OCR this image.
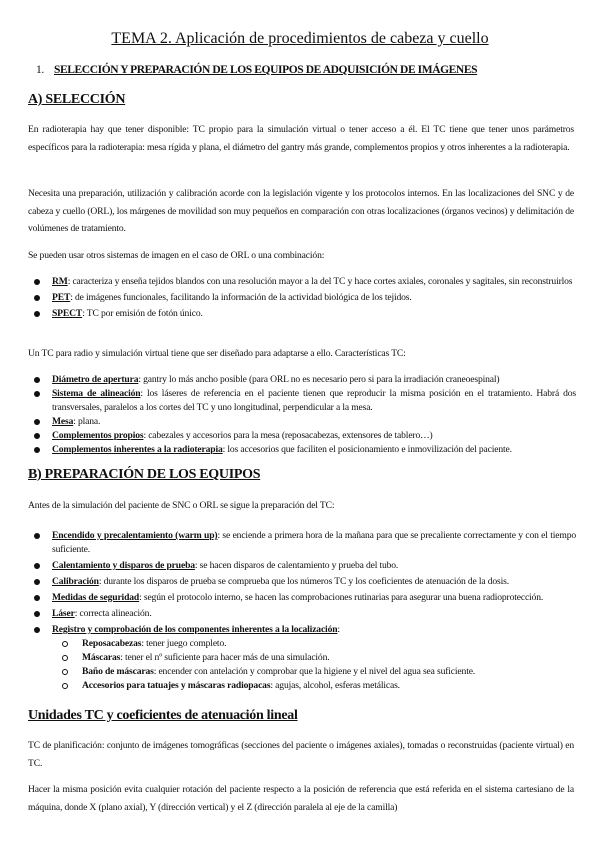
TEMA 2. Aplicación de procedimientos de cabeza y cuello
1. SELECCIÓN Y PREPARACIÓN DE LOS EQUIPOS DE ADQUISICIÓN DE IMÁGENES
A) SELECCIÓN
En radioterapia hay que tener disponible: TC propio para la simulación virtual o tener acceso a él. El TC tiene que tener unos parámetros específicos para la radioterapia: mesa rígida y plana, el diámetro del gantry más grande, complementos propios y otros inherentes a la radioterapia.
Necesita una preparación, utilización y calibración acorde con la legislación vigente y los protocolos internos. En las localizaciones del SNC y de cabeza y cuello (ORL), los márgenes de movilidad son muy pequeños en comparación con otras localizaciones (órganos vecinos) y delimitación de volúmenes de tratamiento.
Se pueden usar otros sistemas de imagen en el caso de ORL o una combinación:
RM: caracteriza y enseña tejidos blandos con una resolución mayor a la del TC y hace cortes axiales, coronales y sagitales, sin reconstruirlos
PET: de imágenes funcionales, facilitando la información de la actividad biológica de los tejidos.
SPECT: TC por emisión de fotón único.
Un TC para radio y simulación virtual tiene que ser diseñado para adaptarse a ello. Características TC:
Diámetro de apertura: gantry lo más ancho posible (para ORL no es necesario pero si para la irradiación craneoespinal)
Sistema de alineación: los láseres de referencia en el paciente tienen que reproducir la misma posición en el tratamiento. Habrá dos transversales, paralelos a los cortes del TC y uno longitudinal, perpendicular a la mesa.
Mesa: plana.
Complementos propios: cabezales y accesorios para la mesa (reposacabezas, extensores de tablero…)
Complementos inherentes a la radioterapia: los accesorios que faciliten el posicionamiento e inmovilización del paciente.
B) PREPARACIÓN DE LOS EQUIPOS
Antes de la simulación del paciente de SNC o ORL se sigue la preparación del TC:
Encendido y precalentamiento (warm up): se enciende a primera hora de la mañana para que se precaliente correctamente y con el tiempo suficiente.
Calentamiento y disparos de prueba: se hacen disparos de calentamiento y prueba del tubo.
Calibración: durante los disparos de prueba se comprueba que los números TC y los coeficientes de atenuación de la dosis.
Medidas de seguridad: según el protocolo interno, se hacen las comprobaciones rutinarias para asegurar una buena radioprotección.
Láser: correcta alineación.
Registro y comprobación de los componentes inherentes a la localización:
Reposacabezas: tener juego completo.
Máscaras: tener el nº suficiente para hacer más de una simulación.
Baño de máscaras: encender con antelación y comprobar que la higiene y el nivel del agua sea suficiente.
Accesorios para tatuajes y máscaras radiopacas: agujas, alcohol, esferas metálicas.
Unidades TC y coeficientes de atenuación lineal
TC de planificación: conjunto de imágenes tomográficas (secciones del paciente o imágenes axiales), tomadas o reconstruidas (paciente virtual) en TC.
Hacer la misma posición evita cualquier rotación del paciente respecto a la posición de referencia que está referida en el sistema cartesiano de la máquina, donde X (plano axial), Y (dirección vertical) y el Z (dirección paralela al eje de la camilla)
